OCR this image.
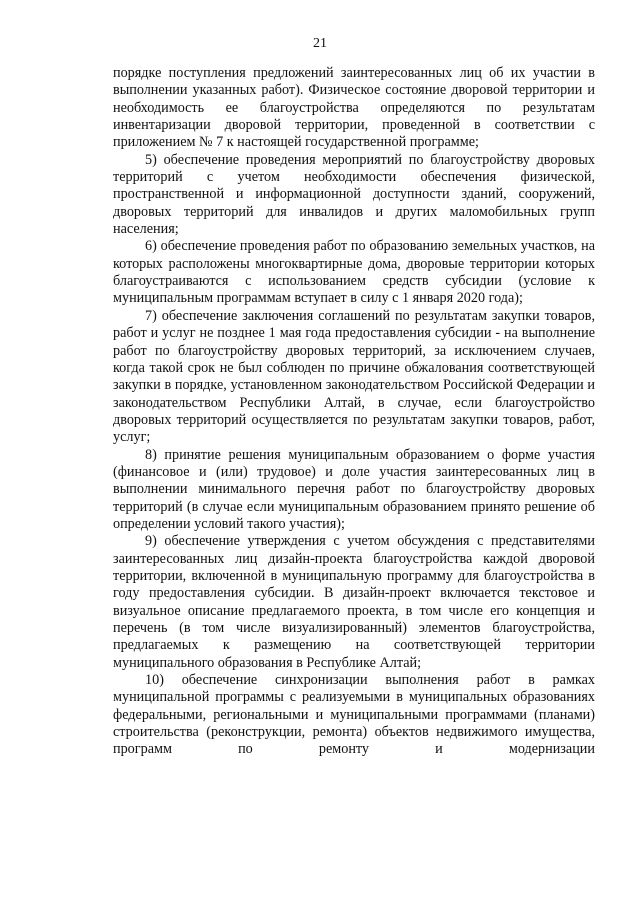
21

порядке поступления предложений заинтересованных лиц об их участии в выполнении указанных работ). Физическое состояние дворовой территории и необходимость ее благоустройства определяются по результатам инвентаризации дворовой территории, проведенной в соответствии с приложением № 7 к настоящей государственной программе;

5) обеспечение проведения мероприятий по благоустройству дворовых территорий с учетом необходимости обеспечения физической, пространственной и информационной доступности зданий, сооружений, дворовых территорий для инвалидов и других маломобильных групп населения;

6) обеспечение проведения работ по образованию земельных участков, на которых расположены многоквартирные дома, дворовые территории которых благоустраиваются с использованием средств субсидии (условие к муниципальным программам вступает в силу с 1 января 2020 года);

7) обеспечение заключения соглашений по результатам закупки товаров, работ и услуг не позднее 1 мая года предоставления субсидии - на выполнение работ по благоустройству дворовых территорий, за исключением случаев, когда такой срок не был соблюден по причине обжалования соответствующей закупки в порядке, установленном законодательством Российской Федерации и законодательством Республики Алтай, в случае, если благоустройство дворовых территорий осуществляется по результатам закупки товаров, работ, услуг;

8) принятие решения муниципальным образованием о форме участия (финансовое и (или) трудовое) и доле участия заинтересованных лиц в выполнении минимального перечня работ по благоустройству дворовых территорий (в случае если муниципальным образованием принято решение об определении условий такого участия);

9) обеспечение утверждения с учетом обсуждения с представителями заинтересованных лиц дизайн-проекта благоустройства каждой дворовой территории, включенной в муниципальную программу для благоустройства в году предоставления субсидии. В дизайн-проект включается текстовое и визуальное описание предлагаемого проекта, в том числе его концепция и перечень (в том числе визуализированный) элементов благоустройства, предлагаемых к размещению на соответствующей территории муниципального образования в Республике Алтай;

10) обеспечение синхронизации выполнения работ в рамках муниципальной программы с реализуемыми в муниципальных образованиях федеральными, региональными и муниципальными программами (планами) строительства (реконструкции, ремонта) объектов недвижимого имущества, программ по ремонту и модернизации
